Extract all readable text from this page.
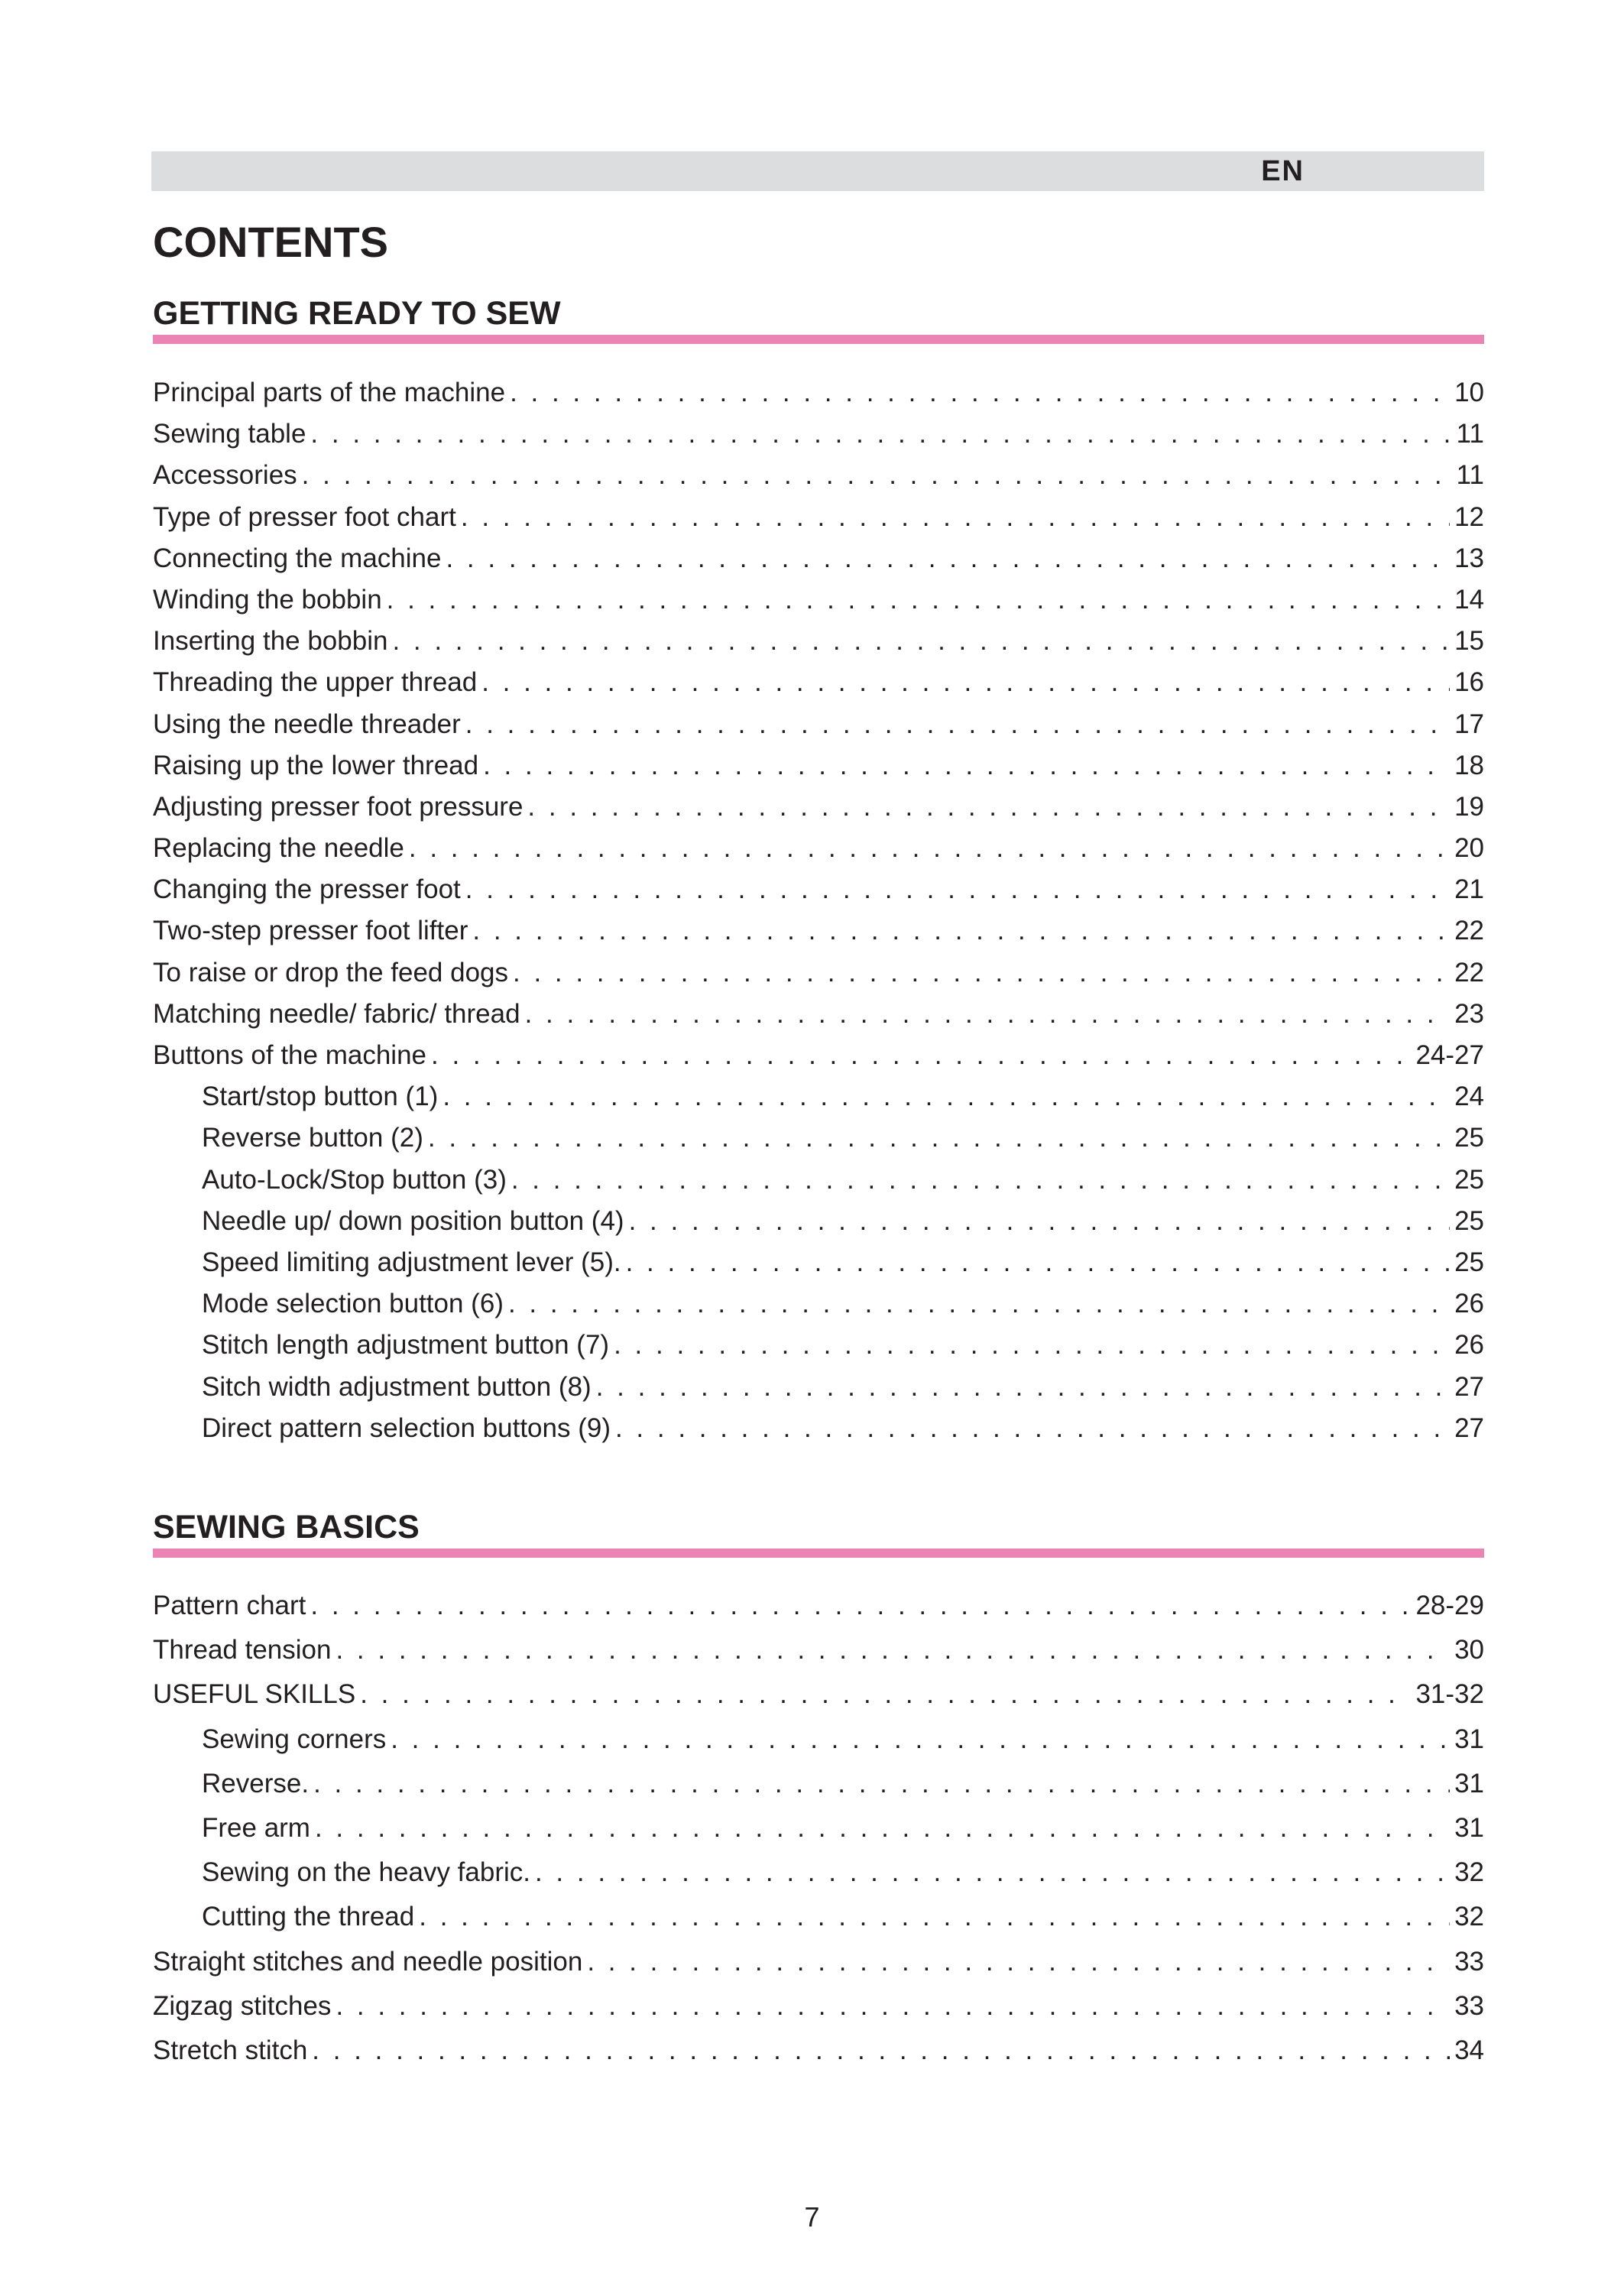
EN
CONTENTS
GETTING READY TO SEW
Principal parts of the machine . . .	10
Sewing table . . .	11
Accessories . . .	11
Type of presser foot chart . . .	12
Connecting the machine . . .	13
Winding the bobbin . . .	14
Inserting the bobbin . . .	15
Threading the upper thread . . .	16
Using the needle threader . . .	17
Raising up the lower thread . . .	18
Adjusting presser foot pressure . . .	19
Replacing the needle . . .	20
Changing the presser foot . . .	21
Two-step presser foot lifter . . .	22
To raise or drop the feed dogs . . .	22
Matching needle/ fabric/ thread . . .	23
Buttons of the machine . . .	24-27
Start/stop button (1) . . .	24
Reverse button (2) . . .	25
Auto-Lock/Stop button (3) . . .	25
Needle up/ down position button (4) . . .	25
Speed limiting adjustment lever (5). . . .	25
Mode selection button (6) . . .	26
Stitch length adjustment button (7) . . .	26
Sitch width adjustment button (8) . . .	27
Direct pattern selection buttons (9) . . .	27
SEWING BASICS
Pattern chart . . .	28-29
Thread tension . . .	30
USEFUL SKILLS . . .	31-32
Sewing corners . . .	31
Reverse. . . .	31
Free arm . . .	31
Sewing on the heavy fabric. . . .	32
Cutting the thread . . .	32
Straight stitches and needle position . . .	33
Zigzag stitches . . .	33
Stretch stitch . . .	34
7
